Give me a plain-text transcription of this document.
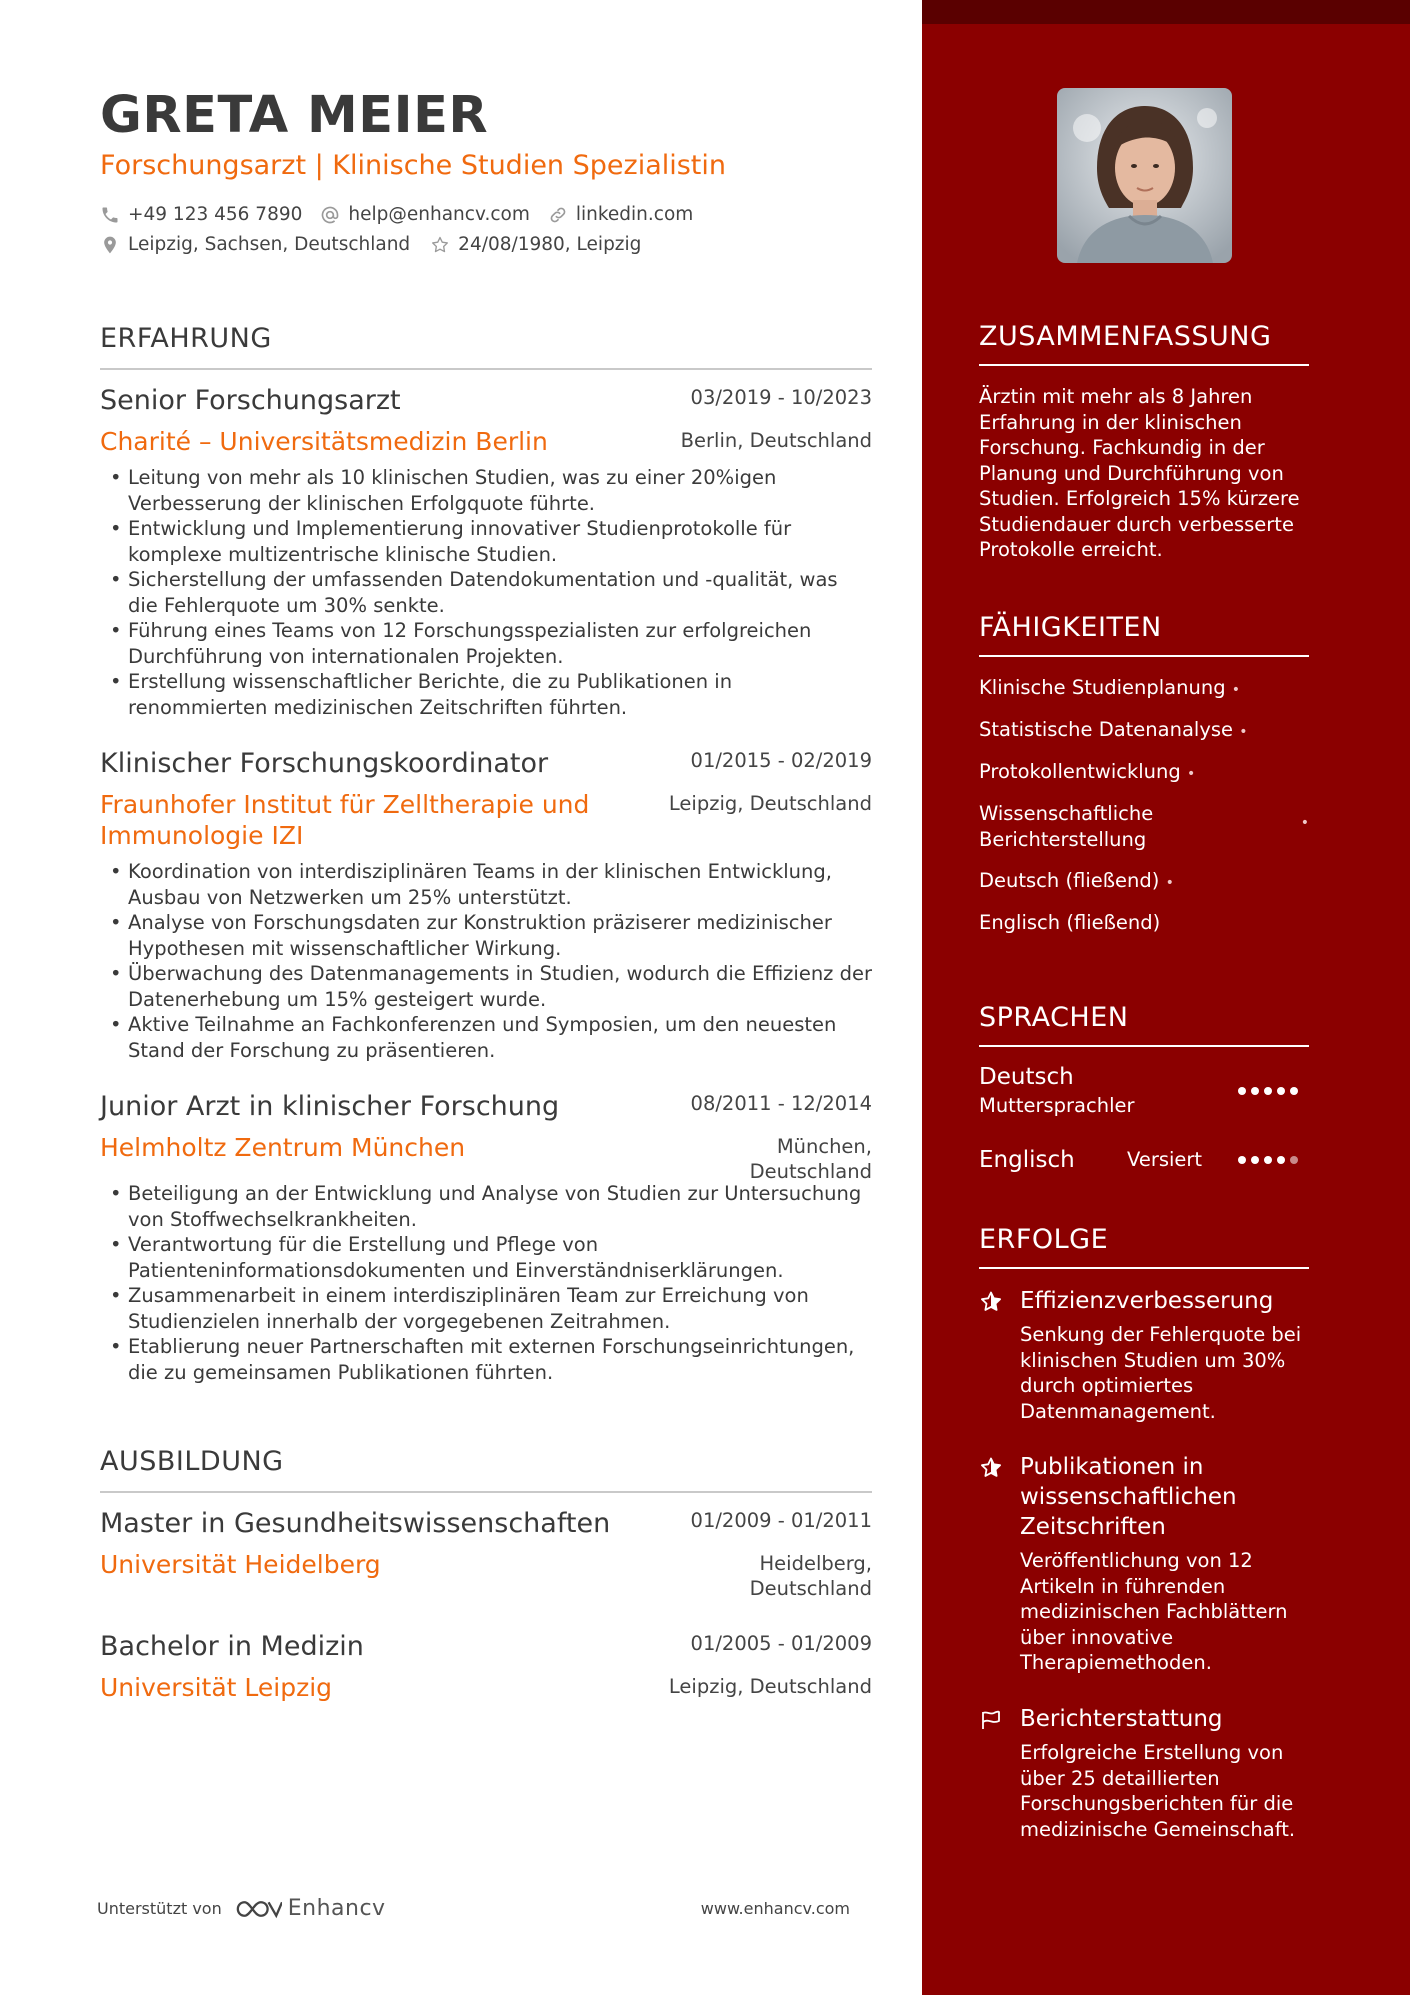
GRETA MEIER
Forschungsarzt | Klinische Studien Spezialistin
+49 123 456 7890 help@enhancv.com linkedin.com
Leipzig, Sachsen, Deutschland	24/08/1980, Leipzig
ERFAHRUNG
Senior Forschungsarzt	03/2019 - 10/2023
Charité – Universitätsmedizin Berlin	Berlin, Deutschland
• Leitung von mehr als 10 klinischen Studien, was zu einer 20%igen Verbesserung der klinischen Erfolgquote führte.
• Entwicklung und Implementierung innovativer Studienprotokolle für komplexe multizentrische klinische Studien.
• Sicherstellung der umfassenden Datendokumentation und -qualität, was die Fehlerquote um 30% senkte.
• Führung eines Teams von 12 Forschungsspezialisten zur erfolgreichen Durchführung von internationalen Projekten.
• Erstellung wissenschaftlicher Berichte, die zu Publikationen in renommierten medizinischen Zeitschriften führten.
Klinischer Forschungskoordinator	01/2015 - 02/2019
Fraunhofer Institut für Zelltherapie und Immunologie IZI
Leipzig, Deutschland
• Koordination von interdisziplinären Teams in der klinischen Entwicklung, Ausbau von Netzwerken um 25% unterstützt.
• Analyse von Forschungsdaten zur Konstruktion präziserer medizinischer Hypothesen mit wissenschaftlicher Wirkung.
• Überwachung des Datenmanagements in Studien, wodurch die Effizienz der Datenerhebung um 15% gesteigert wurde.
• Aktive Teilnahme an Fachkonferenzen und Symposien, um den neuesten Stand der Forschung zu präsentieren.
Junior Arzt in klinischer Forschung	08/2011 - 12/2014
Helmholtz Zentrum München	München, Deutschland
• Beteiligung an der Entwicklung und Analyse von Studien zur Untersuchung von Stoffwechselkrankheiten.
• Verantwortung für die Erstellung und Pflege von Patienteninformationsdokumenten und Einverständniserklärungen.
• Zusammenarbeit in einem interdisziplinären Team zur Erreichung von Studienzielen innerhalb der vorgegebenen Zeitrahmen.
• Etablierung neuer Partnerschaften mit externen Forschungseinrichtungen, die zu gemeinsamen Publikationen führten.
AUSBILDUNG
Master in Gesundheitswissenschaften	01/2009 - 01/2011
Universität Heidelberg	Heidelberg, Deutschland
Bachelor in Medizin	01/2005 - 01/2009
Universität Leipzig	Leipzig, Deutschland
Unterstützt von	Enhancv	www.enhancv.com
ZUSAMMENFASSUNG
Ärztin mit mehr als 8 Jahren Erfahrung in der klinischen Forschung. Fachkundig in der Planung und Durchführung von Studien. Erfolgreich 15% kürzere Studiendauer durch verbesserte Protokolle erreicht.
FÄHIGKEITEN
Klinische Studienplanung •
Statistische Datenanalyse •
Protokollentwicklung •
Wissenschaftliche Berichterstellung
•
Deutsch (fließend) •
Englisch (fließend)
SPRACHEN
Deutsch
Muttersprachler
Englisch	Versiert
ERFOLGE
Effizienzverbesserung
Senkung der Fehlerquote bei klinischen Studien um 30% durch optimiertes Datenmanagement.
Publikationen in wissenschaftlichen Zeitschriften
Veröffentlichung von 12 Artikeln in führenden medizinischen Fachblättern über innovative Therapiemethoden.
Berichterstattung
Erfolgreiche Erstellung von über 25 detaillierten Forschungsberichten für die medizinische Gemeinschaft.
